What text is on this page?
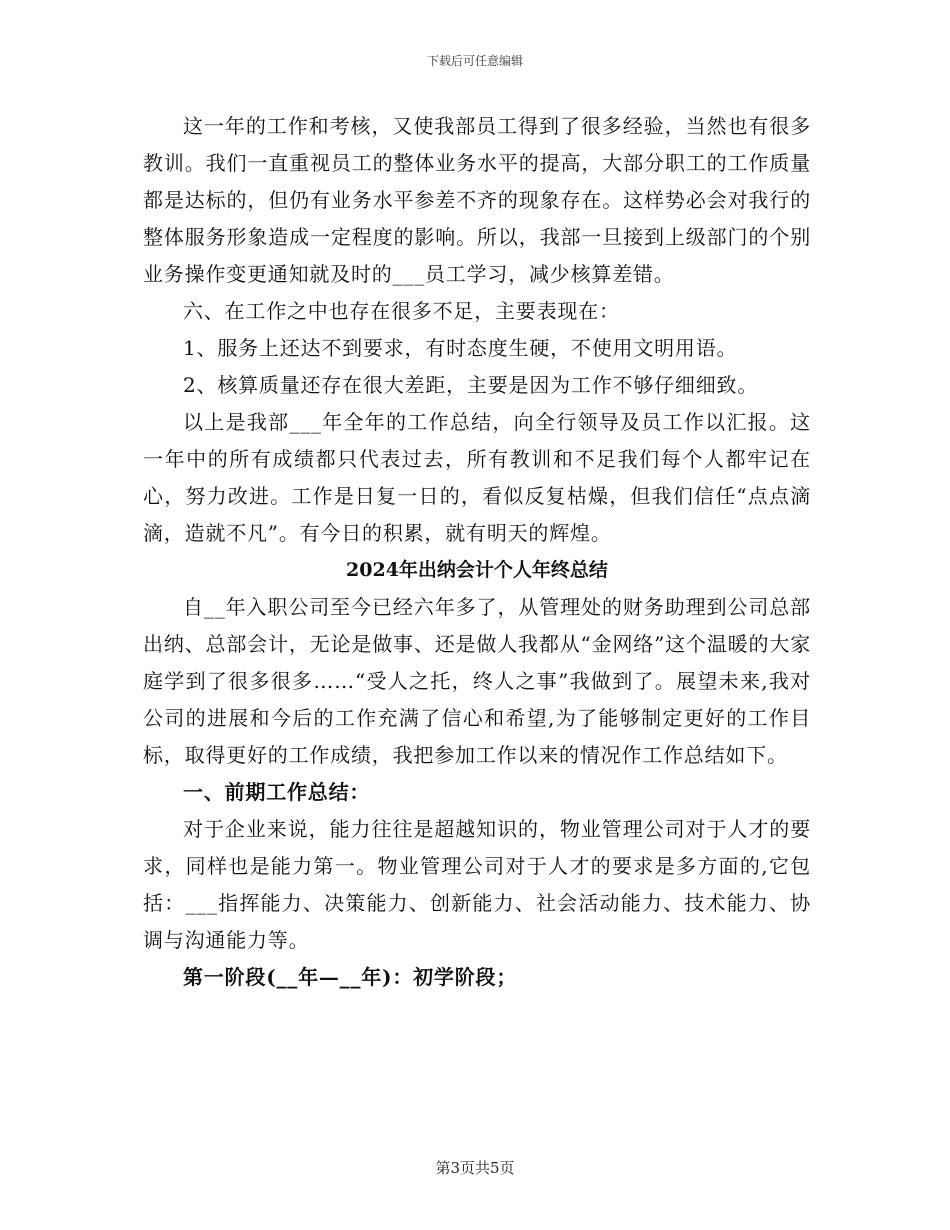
下载后可任意编辑

这一年的工作和考核，又使我部员工得到了很多经验，当然也有很多教训。我们一直重视员工的整体业务水平的提高，大部分职工的工作质量都是达标的，但仍有业务水平参差不齐的现象存在。这样势必会对我行的整体服务形象造成一定程度的影响。所以，我部一旦接到上级部门的个别业务操作变更通知就及时的___员工学习，减少核算差错。

六、在工作之中也存在很多不足，主要表现在：

1、服务上还达不到要求，有时态度生硬，不使用文明用语。

2、核算质量还存在很大差距，主要是因为工作不够仔细细致。

以上是我部___年全年的工作总结，向全行领导及员工作以汇报。这一年中的所有成绩都只代表过去，所有教训和不足我们每个人都牢记在心，努力改进。工作是日复一日的，看似反复枯燥，但我们信任“点点滴滴，造就不凡”。有今日的积累，就有明天的辉煌。

2024年出纳会计个人年终总结

自__年入职公司至今已经六年多了，从管理处的财务助理到公司总部出纳、总部会计，无论是做事、还是做人我都从“金网络”这个温暖的大家庭学到了很多很多……“受人之托，终人之事”我做到了。展望未来,我对公司的进展和今后的工作充满了信心和希望,为了能够制定更好的工作目标，取得更好的工作成绩，我把参加工作以来的情况作工作总结如下。

一、前期工作总结：

对于企业来说，能力往往是超越知识的，物业管理公司对于人才的要求，同样也是能力第一。物业管理公司对于人才的要求是多方面的,它包括：___指挥能力、决策能力、创新能力、社会活动能力、技术能力、协调与沟通能力等。

第一阶段(__年—__年)：初学阶段；

第3页共5页
